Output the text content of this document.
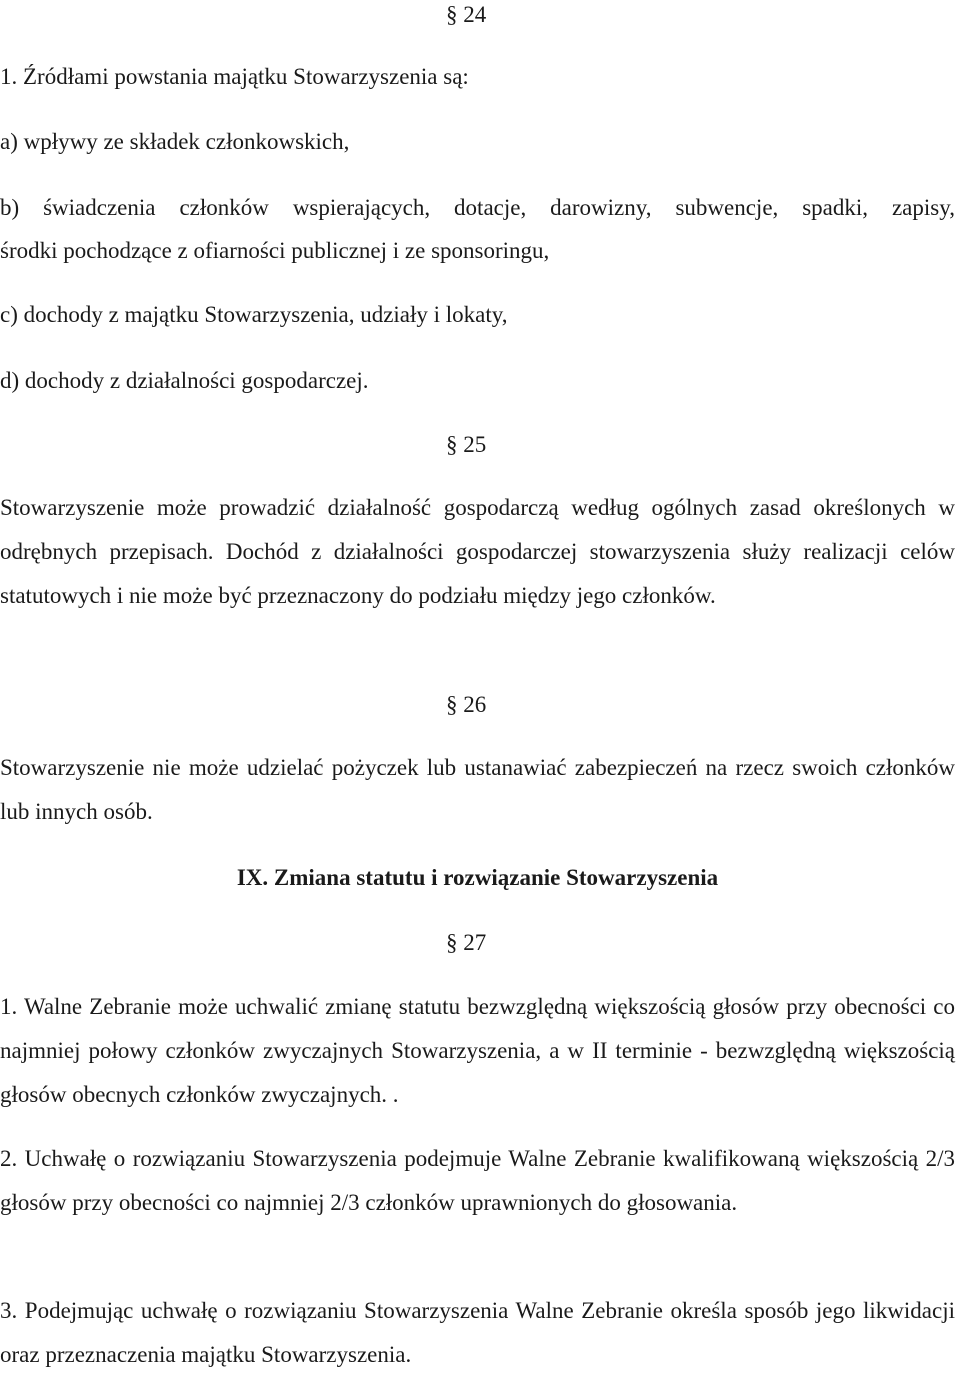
§ 24
1. Źródłami powstania majątku Stowarzyszenia są:
a) wpływy ze składek członkowskich,
b) świadczenia członków wspierających, dotacje, darowizny, subwencje, spadki, zapisy,
środki pochodzące z ofiarności publicznej i ze sponsoringu,
c) dochody z majątku Stowarzyszenia, udziały i lokaty,
d) dochody z działalności gospodarczej.
§ 25
Stowarzyszenie może prowadzić działalność gospodarczą według ogólnych zasad określonych w odrębnych przepisach. Dochód z działalności gospodarczej stowarzyszenia służy realizacji celów statutowych i nie może być przeznaczony do podziału między jego członków.
§ 26
Stowarzyszenie nie może udzielać pożyczek lub ustanawiać zabezpieczeń na rzecz swoich członków lub innych osób.
IX. Zmiana statutu i rozwiązanie Stowarzyszenia
§ 27
1. Walne Zebranie może uchwalić zmianę statutu bezwzględną większością głosów przy obecności co najmniej połowy członków zwyczajnych Stowarzyszenia, a w II terminie - bezwzględną większością głosów obecnych członków zwyczajnych. .
2. Uchwałę o rozwiązaniu Stowarzyszenia podejmuje Walne Zebranie kwalifikowaną większością 2/3 głosów przy obecności co najmniej 2/3 członków uprawnionych do głosowania.
3. Podejmując uchwałę o rozwiązaniu Stowarzyszenia Walne Zebranie określa sposób jego likwidacji oraz przeznaczenia majątku Stowarzyszenia.
